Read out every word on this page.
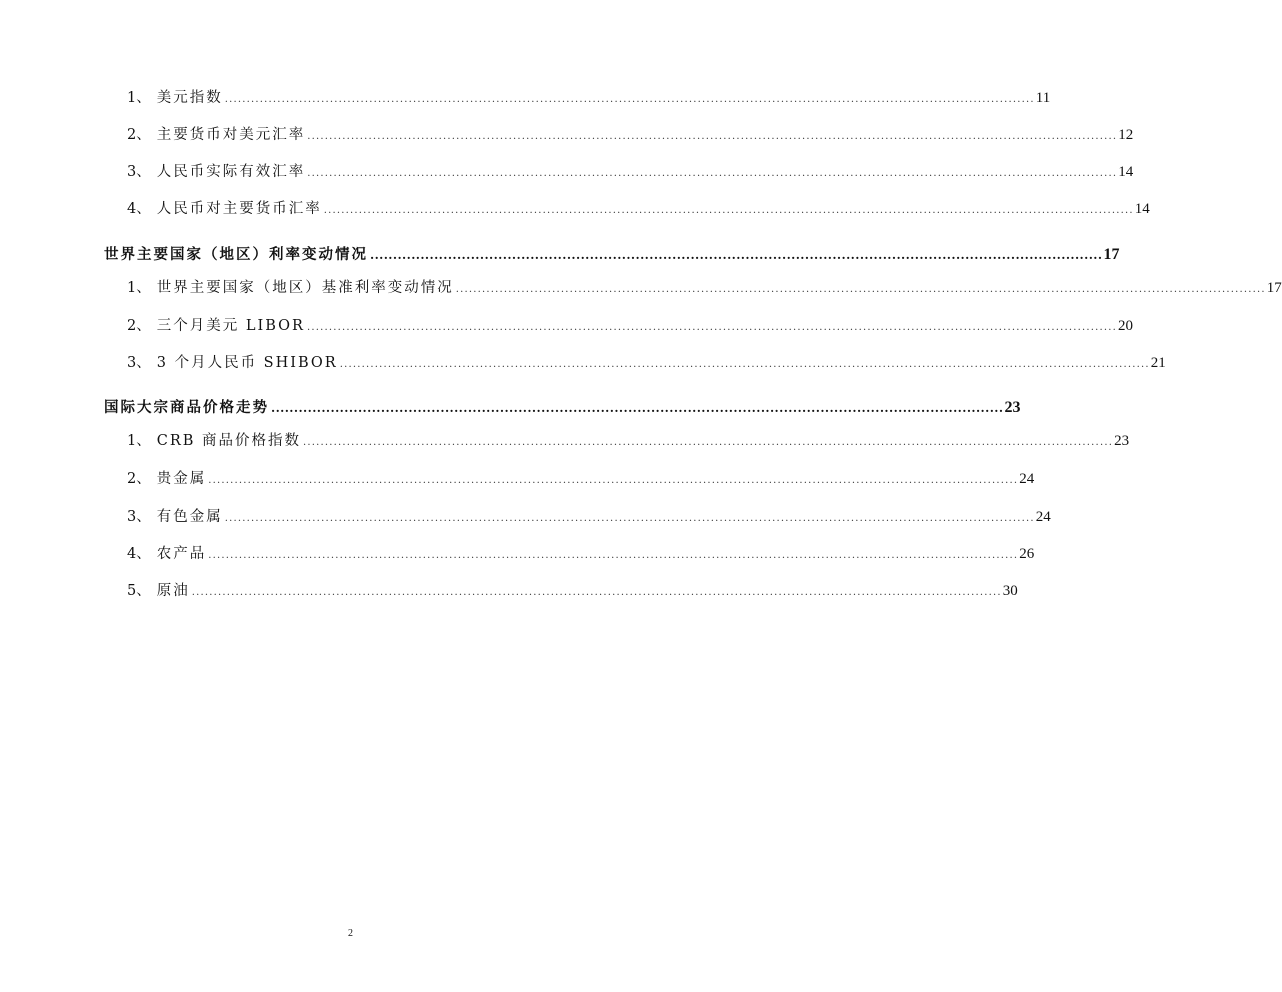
1、 美元指数 ......................................................................................................................................................................................... 11
2、 主要货币对美元汇率 ......................................................................................................................................................................................... 12
3、 人民币实际有效汇率 ......................................................................................................................................................................................... 14
4、 人民币对主要货币汇率 ......................................................................................................................................................................................... 14
世界主要国家（地区）利率变动情况 ................................................................................................................................................................ 17
1、 世界主要国家（地区）基准利率变动情况 ......................................................................................................................................................................................... 17
2、 三个月美元 LIBOR ......................................................................................................................................................................................... 20
3、 3 个月人民币 SHIBOR ......................................................................................................................................................................................... 21
国际大宗商品价格走势 ................................................................................................................................................................ 23
1、 CRB 商品价格指数 ......................................................................................................................................................................................... 23
2、 贵金属 ......................................................................................................................................................................................... 24
3、 有色金属 ......................................................................................................................................................................................... 24
4、 农产品 ......................................................................................................................................................................................... 26
5、 原油 ......................................................................................................................................................................................... 30
2
